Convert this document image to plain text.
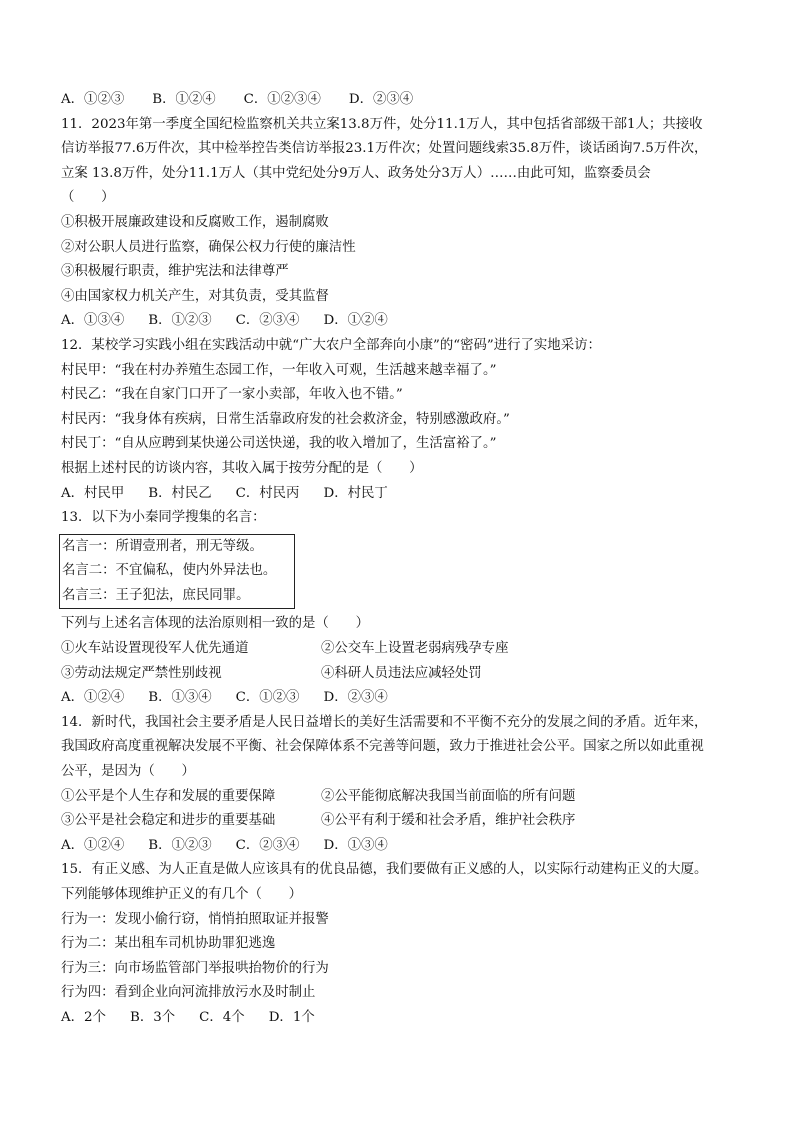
A．①②③ B．①②④ C．①②③④ D．②③④
11．2023年第一季度全国纪检监察机关共立案13.8万件，处分11.1万人，其中包括省部级干部1人；共接收
信访举报77.6万件次，其中检举控告类信访举报23.1万件次；处置问题线索35.8万件，谈话函询7.5万件次，
立案 13.8万件，处分11.1万人（其中党纪处分9万人、政务处分3万人）……由此可知，监察委员会
（　　）
①积极开展廉政建设和反腐败工作，遏制腐败
②对公职人员进行监察，确保公权力行使的廉洁性
③积极履行职责，维护宪法和法律尊严
④由国家权力机关产生，对其负责，受其监督
A．①③④ B．①②③ C．②③④ D．①②④
12．某校学习实践小组在实践活动中就“广大农户全部奔向小康”的“密码”进行了实地采访：
村民甲：“我在村办养殖生态园工作，一年收入可观，生活越来越幸福了。”
村民乙：“我在自家门口开了一家小卖部，年收入也不错。”
村民丙：“我身体有疾病，日常生活靠政府发的社会救济金，特别感激政府。”
村民丁：“自从应聘到某快递公司送快递，我的收入增加了，生活富裕了。”
根据上述村民的访谈内容，其收入属于按劳分配的是（　　）
A．村民甲 B．村民乙 C．村民丙 D．村民丁
13．以下为小秦同学搜集的名言：
名言一：所谓壹刑者，刑无等级。
名言二：不宜偏私，使内外异法也。
名言三：王子犯法，庶民同罪。
下列与上述名言体现的法治原则相一致的是（　　）
①火车站设置现役军人优先通道	②公交车上设置老弱病残孕专座
③劳动法规定严禁性别歧视	④科研人员违法应减轻处罚
A．①②④ B．①③④ C．①②③ D．②③④
14．新时代，我国社会主要矛盾是人民日益增长的美好生活需要和不平衡不充分的发展之间的矛盾。近年来，
我国政府高度重视解决发展不平衡、社会保障体系不完善等问题，致力于推进社会公平。国家之所以如此重视
公平，是因为（　　）
①公平是个人生存和发展的重要保障	②公平能彻底解决我国当前面临的所有问题
③公平是社会稳定和进步的重要基础	④公平有利于缓和社会矛盾，维护社会秩序
A．①②④ B．①②③ C．②③④ D．①③④
15．有正义感、为人正直是做人应该具有的优良品德，我们要做有正义感的人，以实际行动建构正义的大厦。
下列能够体现维护正义的有几个（　　）
行为一：发现小偷行窃，悄悄拍照取证并报警
行为二：某出租车司机协助罪犯逃逸
行为三：向市场监管部门举报哄抬物价的行为
行为四：看到企业向河流排放污水及时制止
A．2个 B．3个 C．4个 D．1个
